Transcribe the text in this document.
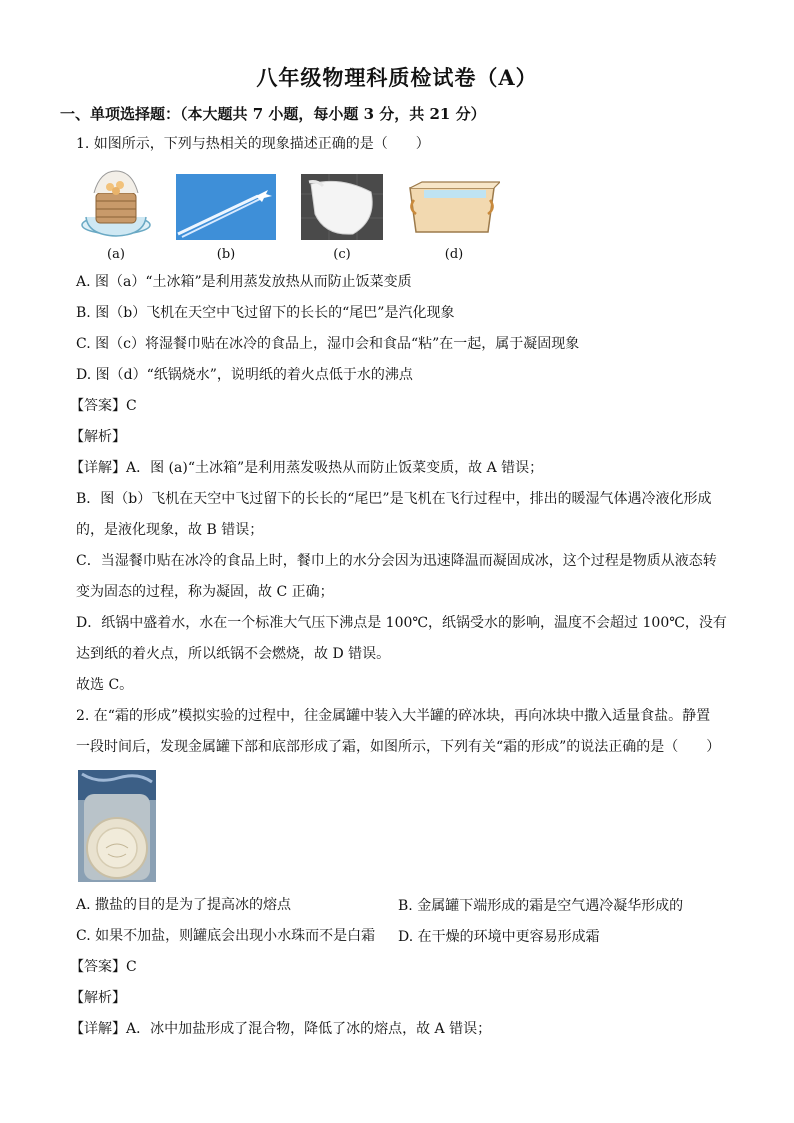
八年级物理科质检试卷（A）
一、单项选择题：（本大题共 7 小题，每小题 3 分，共 21 分）
1. 如图所示，下列与热相关的现象描述正确的是（　　）
(a)	(b)	(c)	(d)
A. 图（a）“土冰箱”是利用蒸发放热从而防止饭菜变质
B. 图（b）飞机在天空中飞过留下的长长的“尾巴”是汽化现象
C. 图（c）将湿餐巾贴在冰冷的食品上，湿巾会和食品“粘”在一起，属于凝固现象
D. 图（d）“纸锅烧水”，说明纸的着火点低于水的沸点
【答案】C
【解析】
【详解】A．图 (a)“土冰箱”是利用蒸发吸热从而防止饭菜变质，故 A 错误；
B．图（b）飞机在天空中飞过留下的长长的“尾巴”是飞机在飞行过程中，排出的暖湿气体遇冷液化形成
的，是液化现象，故 B 错误；
C．当湿餐巾贴在冰冷的食品上时，餐巾上的水分会因为迅速降温而凝固成冰，这个过程是物质从液态转
变为固态的过程，称为凝固，故 C 正确；
D．纸锅中盛着水，水在一个标准大气压下沸点是 100℃，纸锅受水的影响，温度不会超过 100℃，没有
达到纸的着火点，所以纸锅不会燃烧，故 D 错误。
故选 C。
2. 在“霜的形成”模拟实验的过程中，往金属罐中装入大半罐的碎冰块，再向冰块中撒入适量食盐。静置
一段时间后，发现金属罐下部和底部形成了霜，如图所示，下列有关“霜的形成”的说法正确的是（　　）
A. 撒盐的目的是为了提高冰的熔点	B. 金属罐下端形成的霜是空气遇冷凝华形成的
C. 如果不加盐，则罐底会出现小水珠而不是白霜 D. 在干燥的环境中更容易形成霜
【答案】C
【解析】
【详解】A．冰中加盐形成了混合物，降低了冰的熔点，故 A 错误；
